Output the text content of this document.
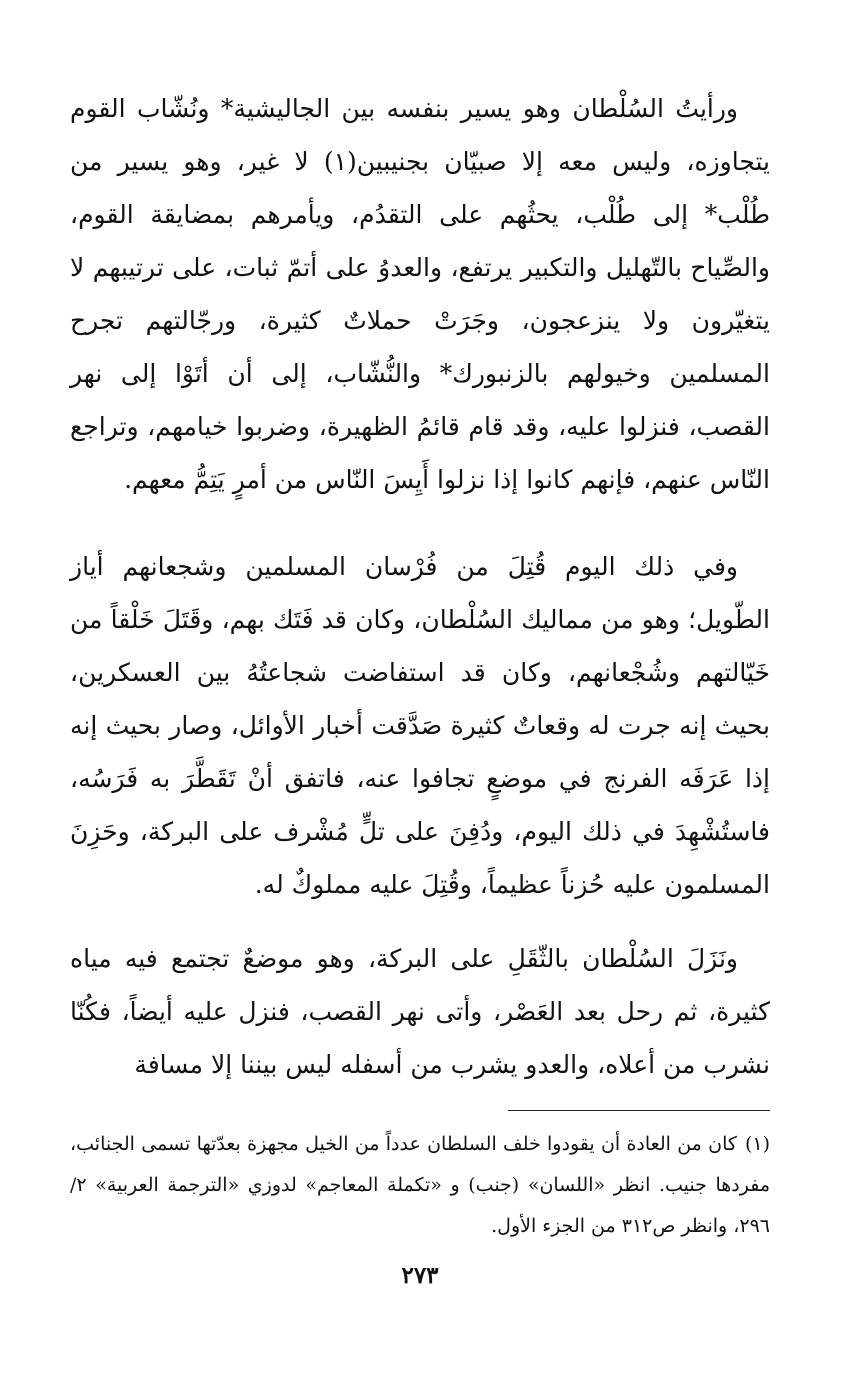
ورأيتُ السُلْطان وهو يسير بنفسه بين الجاليشية* ونُشّاب القوم يتجاوزه، وليس معه إلا صبيّان بجنيبين(١) لا غير، وهو يسير من طُلْب* إلى طُلْب، يحثُهم على التقدُم، ويأمرهم بمضايقة القوم، والصِّياح بالتّهليل والتكبير يرتفع، والعدوُ على أتمّ ثبات، على ترتيبهم لا يتغيّرون ولا ينزعجون، وجَرَتْ حملاتٌ كثيرة، ورجّالتهم تجرح المسلمين وخيولهم بالزنبورك* والنُّشّاب، إلى أن أتَوْا إلى نهر القصب، فنزلوا عليه، وقد قام قائمُ الظهيرة، وضربوا خيامهم، وتراجع النّاس عنهم، فإنهم كانوا إذا نزلوا أَيِسَ النّاس من أمرٍ يَتِمُّ معهم.

وفي ذلك اليوم قُتِلَ من فُرْسان المسلمين وشجعانهم أياز الطّويل؛ وهو من مماليك السُلْطان، وكان قد فَتَك بهم، وقَتَلَ خَلْقاً من خَيّالتهم وشُجْعانهم، وكان قد استفاضت شجاعتُهُ بين العسكرين، بحيث إنه جرت له وقعاتٌ كثيرة صَدَّقت أخبار الأوائل، وصار بحيث إنه إذا عَرَفَه الفرنج في موضعٍ تجافوا عنه، فاتفق أنْ تَقَطَّرَ به فَرَسُه، فاستُشْهِدَ في ذلك اليوم، ودُفِنَ على تلٍّ مُشْرف على البركة، وحَزِنَ المسلمون عليه حُزناً عظيماً، وقُتِلَ عليه مملوكٌ له.

ونَزَلَ السُلْطان بالثّقَلِ على البركة، وهو موضعٌ تجتمع فيه مياه كثيرة، ثم رحل بعد العَصْر، وأتى نهر القصب، فنزل عليه أيضاً، فكُنّا نشرب من أعلاه، والعدو يشرب من أسفله ليس بيننا إلا مسافة

(١)كان من العادة أن يقودوا خلف السلطان عدداً من الخيل مجهزة بعدّتها تسمى الجنائب، مفردها جنيب. انظر «اللسان» (جنب) و «تكملة المعاجم» لدوزي «الترجمة العربية» ٢/ ٢٩٦، وانظر ص٣١٢ من الجزء الأول.

٢٧٣
